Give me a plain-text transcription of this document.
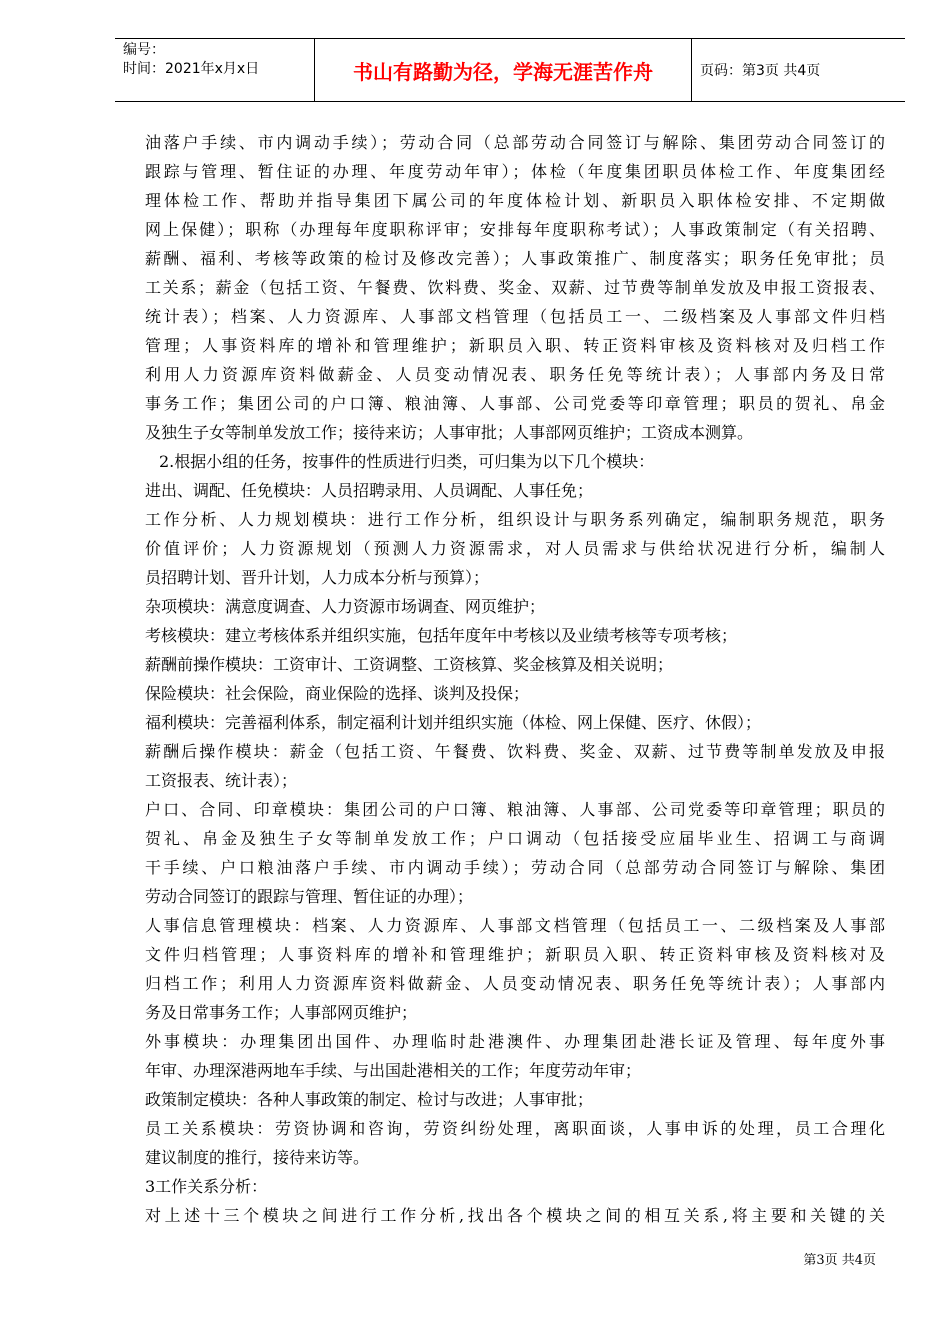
编号：
时间：2021年x月x日	书山有路勤为径，学海无涯苦作舟	页码：第3页 共4页
油落户手续、市内调动手续）；劳动合同（总部劳动合同签订与解除、集团劳动合同签订的
跟踪与管理、暂住证的办理、年度劳动年审）；体检（年度集团职员体检工作、年度集团经
理体检工作、帮助并指导集团下属公司的年度体检计划、新职员入职体检安排、不定期做
网上保健）；职称（办理每年度职称评审；安排每年度职称考试）；人事政策制定（有关招聘、
薪酬、福利、考核等政策的检讨及修改完善）；人事政策推广、制度落实；职务任免审批；员
工关系；薪金（包括工资、午餐费、饮料费、奖金、双薪、过节费等制单发放及申报工资报表、
统计表）；档案、人力资源库、人事部文档管理（包括员工一、二级档案及人事部文件归档
管理；人事资料库的增补和管理维护；新职员入职、转正资料审核及资料核对及归档工作
利用人力资源库资料做薪金、人员变动情况表、职务任免等统计表）；人事部内务及日常
事务工作；集团公司的户口簿、粮油簿、人事部、公司党委等印章管理；职员的贺礼、帛金
及独生子女等制单发放工作；接待来访；人事审批；人事部网页维护；工资成本测算。
2.根据小组的任务，按事件的性质进行归类，可归集为以下几个模块：
进出、调配、任免模块：人员招聘录用、人员调配、人事任免；
工作分析、人力规划模块：进行工作分析，组织设计与职务系列确定，编制职务规范，职务
价值评价；人力资源规划（预测人力资源需求，对人员需求与供给状况进行分析，编制人
员招聘计划、晋升计划，人力成本分析与预算）；
杂项模块：满意度调查、人力资源市场调查、网页维护；
考核模块：建立考核体系并组织实施，包括年度年中考核以及业绩考核等专项考核；
薪酬前操作模块：工资审计、工资调整、工资核算、奖金核算及相关说明；
保险模块：社会保险，商业保险的选择、谈判及投保；
福利模块：完善福利体系，制定福利计划并组织实施（体检、网上保健、医疗、休假）；
薪酬后操作模块：薪金（包括工资、午餐费、饮料费、奖金、双薪、过节费等制单发放及申报
工资报表、统计表）；
户口、合同、印章模块：集团公司的户口簿、粮油簿、人事部、公司党委等印章管理；职员的
贺礼、帛金及独生子女等制单发放工作；户口调动（包括接受应届毕业生、招调工与商调
干手续、户口粮油落户手续、市内调动手续）；劳动合同（总部劳动合同签订与解除、集团
劳动合同签订的跟踪与管理、暂住证的办理）；
人事信息管理模块：档案、人力资源库、人事部文档管理（包括员工一、二级档案及人事部
文件归档管理；人事资料库的增补和管理维护；新职员入职、转正资料审核及资料核对及
归档工作；利用人力资源库资料做薪金、人员变动情况表、职务任免等统计表）；人事部内
务及日常事务工作；人事部网页维护；
外事模块：办理集团出国件、办理临时赴港澳件、办理集团赴港长证及管理、每年度外事
年审、办理深港两地车手续、与出国赴港相关的工作；年度劳动年审；
政策制定模块：各种人事政策的制定、检讨与改进；人事审批；
员工关系模块：劳资协调和咨询，劳资纠纷处理，离职面谈，人事申诉的处理，员工合理化
建议制度的推行，接待来访等。
3工作关系分析：
对上述十三个模块之间进行工作分析,找出各个模块之间的相互关系,将主要和关键的关
第3页 共4页
